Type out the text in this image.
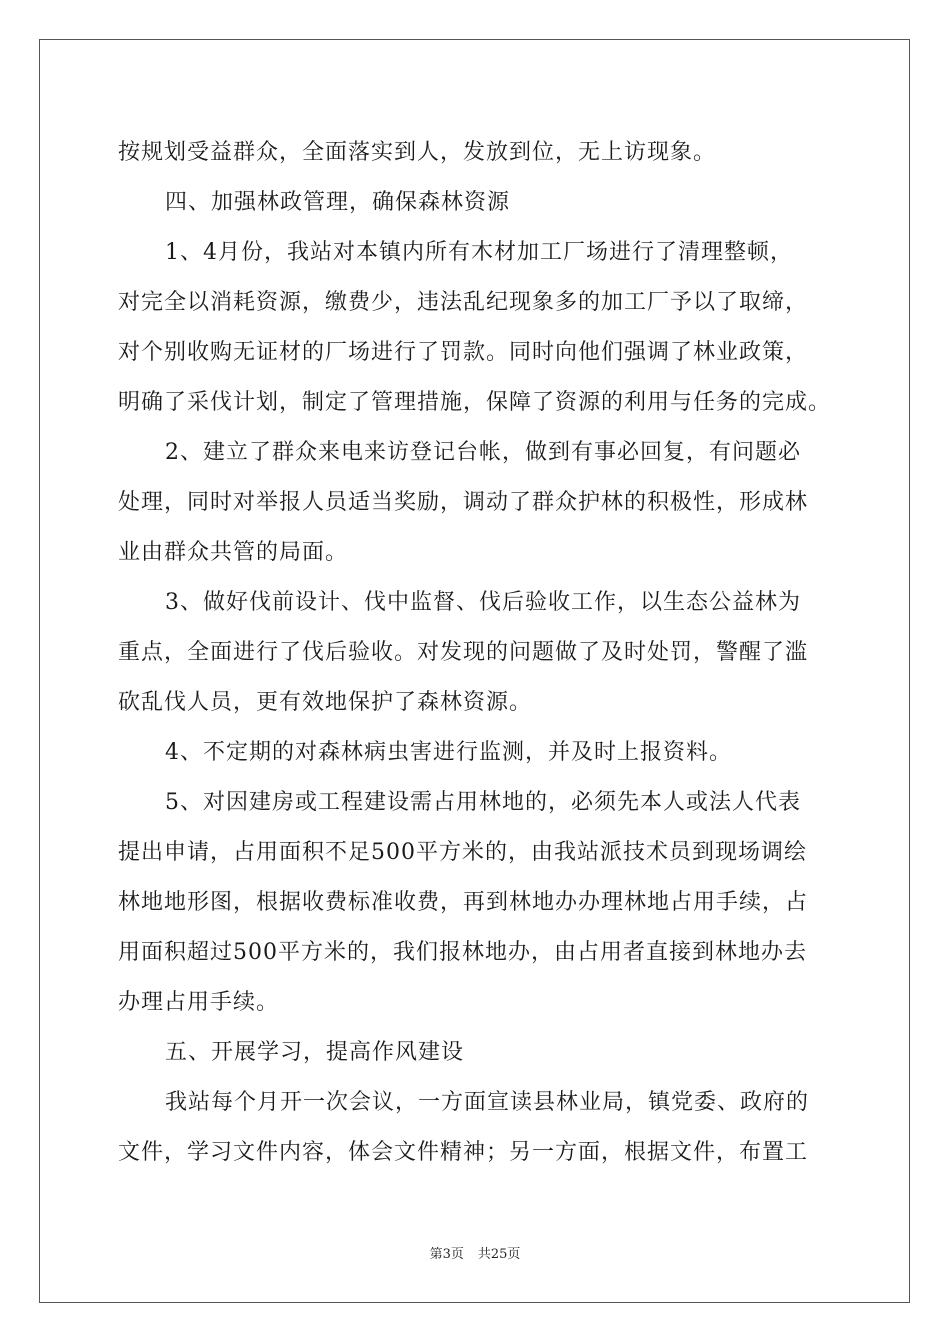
按规划受益群众，全面落实到人，发放到位，无上访现象。
四、加强林政管理，确保森林资源
1、4月份，我站对本镇内所有木材加工厂场进行了清理整顿，
对完全以消耗资源，缴费少，违法乱纪现象多的加工厂予以了取缔，
对个别收购无证材的厂场进行了罚款。同时向他们强调了林业政策，
明确了采伐计划，制定了管理措施，保障了资源的利用与任务的完成。
2、建立了群众来电来访登记台帐，做到有事必回复，有问题必
处理，同时对举报人员适当奖励，调动了群众护林的积极性，形成林
业由群众共管的局面。
3、做好伐前设计、伐中监督、伐后验收工作，以生态公益林为
重点，全面进行了伐后验收。对发现的问题做了及时处罚，警醒了滥
砍乱伐人员，更有效地保护了森林资源。
4、不定期的对森林病虫害进行监测，并及时上报资料。
5、对因建房或工程建设需占用林地的，必须先本人或法人代表
提出申请，占用面积不足500平方米的，由我站派技术员到现场调绘
林地地形图，根据收费标准收费，再到林地办办理林地占用手续，占
用面积超过500平方米的，我们报林地办，由占用者直接到林地办去
办理占用手续。
五、开展学习，提高作风建设
我站每个月开一次会议，一方面宣读县林业局，镇党委、政府的
文件，学习文件内容，体会文件精神；另一方面，根据文件，布置工
第3页 共25页
